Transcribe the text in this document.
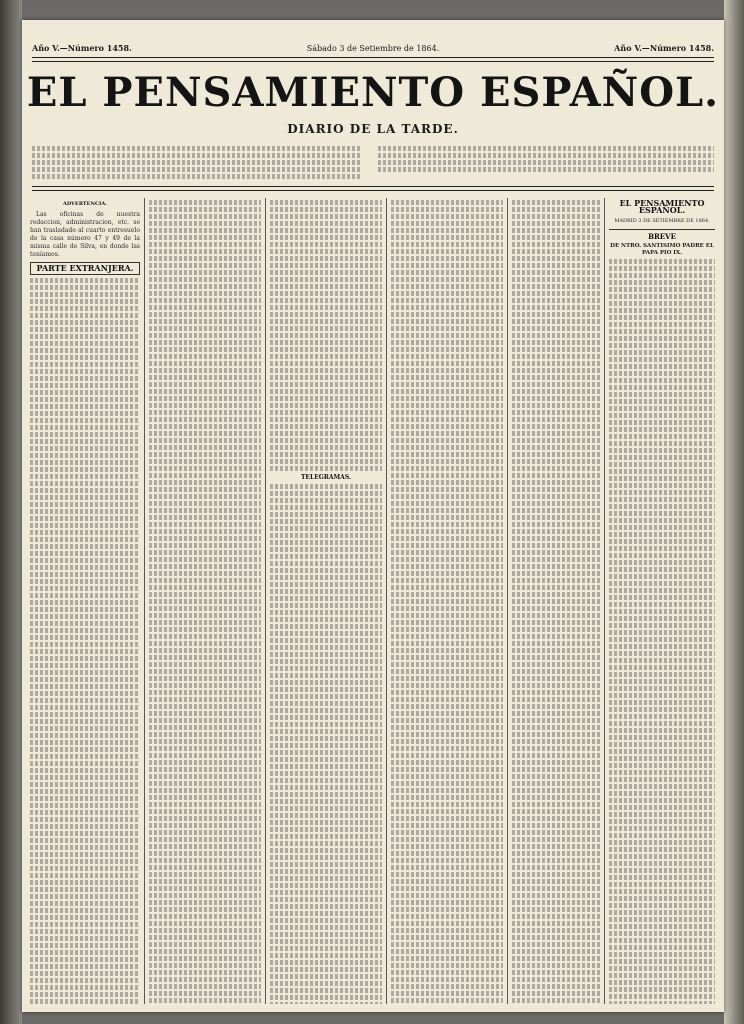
Año V.—Número 1458.	Sábado 3 de Setiembre de 1864.	Año V.—Número 1458.
EL PENSAMIENTO ESPAÑOL.
DIARIO DE LA TARDE.
ADVERTENCIA.

Las oficinas de nuestra redaccion, administracion, etc. se han trasladado al cuarto entresuelo de la casa número 47 y 49 de la misma calle de Silva, en donde las teníamos.

PARTE EXTRANJERA.
TELEGRAMAS.
EL PENSAMIENTO ESPAÑOL.
MADRID 3 DE SETIEMBRE DE 1864.
BREVE
DE NTRO. SANTISIMO PADRE EL PAPA PIO IX.
